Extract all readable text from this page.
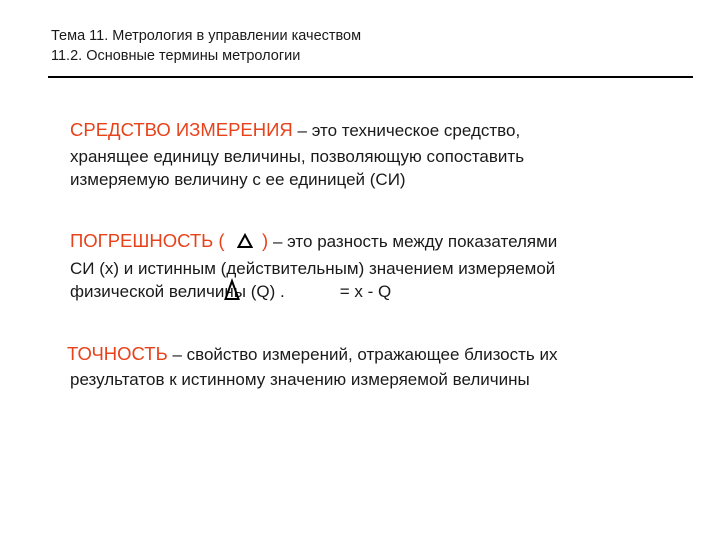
Тема 11. Метрология в управлении качеством
11.2. Основные термины метрологии
СРЕДСТВО ИЗМЕРЕНИЯ – это техническое средство,
хранящее единицу величины, позволяющую сопоставить
измеряемую величину с ее единицей (СИ)
ПОГРЕШНОСТЬ ( ) – это разность между показателями
СИ (х) и истинным (действительным) значением измеряемой
физической величины (Q) .	= х - Q
ТОЧНОСТЬ – свойство измерений, отражающее близость их
результатов к истинному значению измеряемой величины
